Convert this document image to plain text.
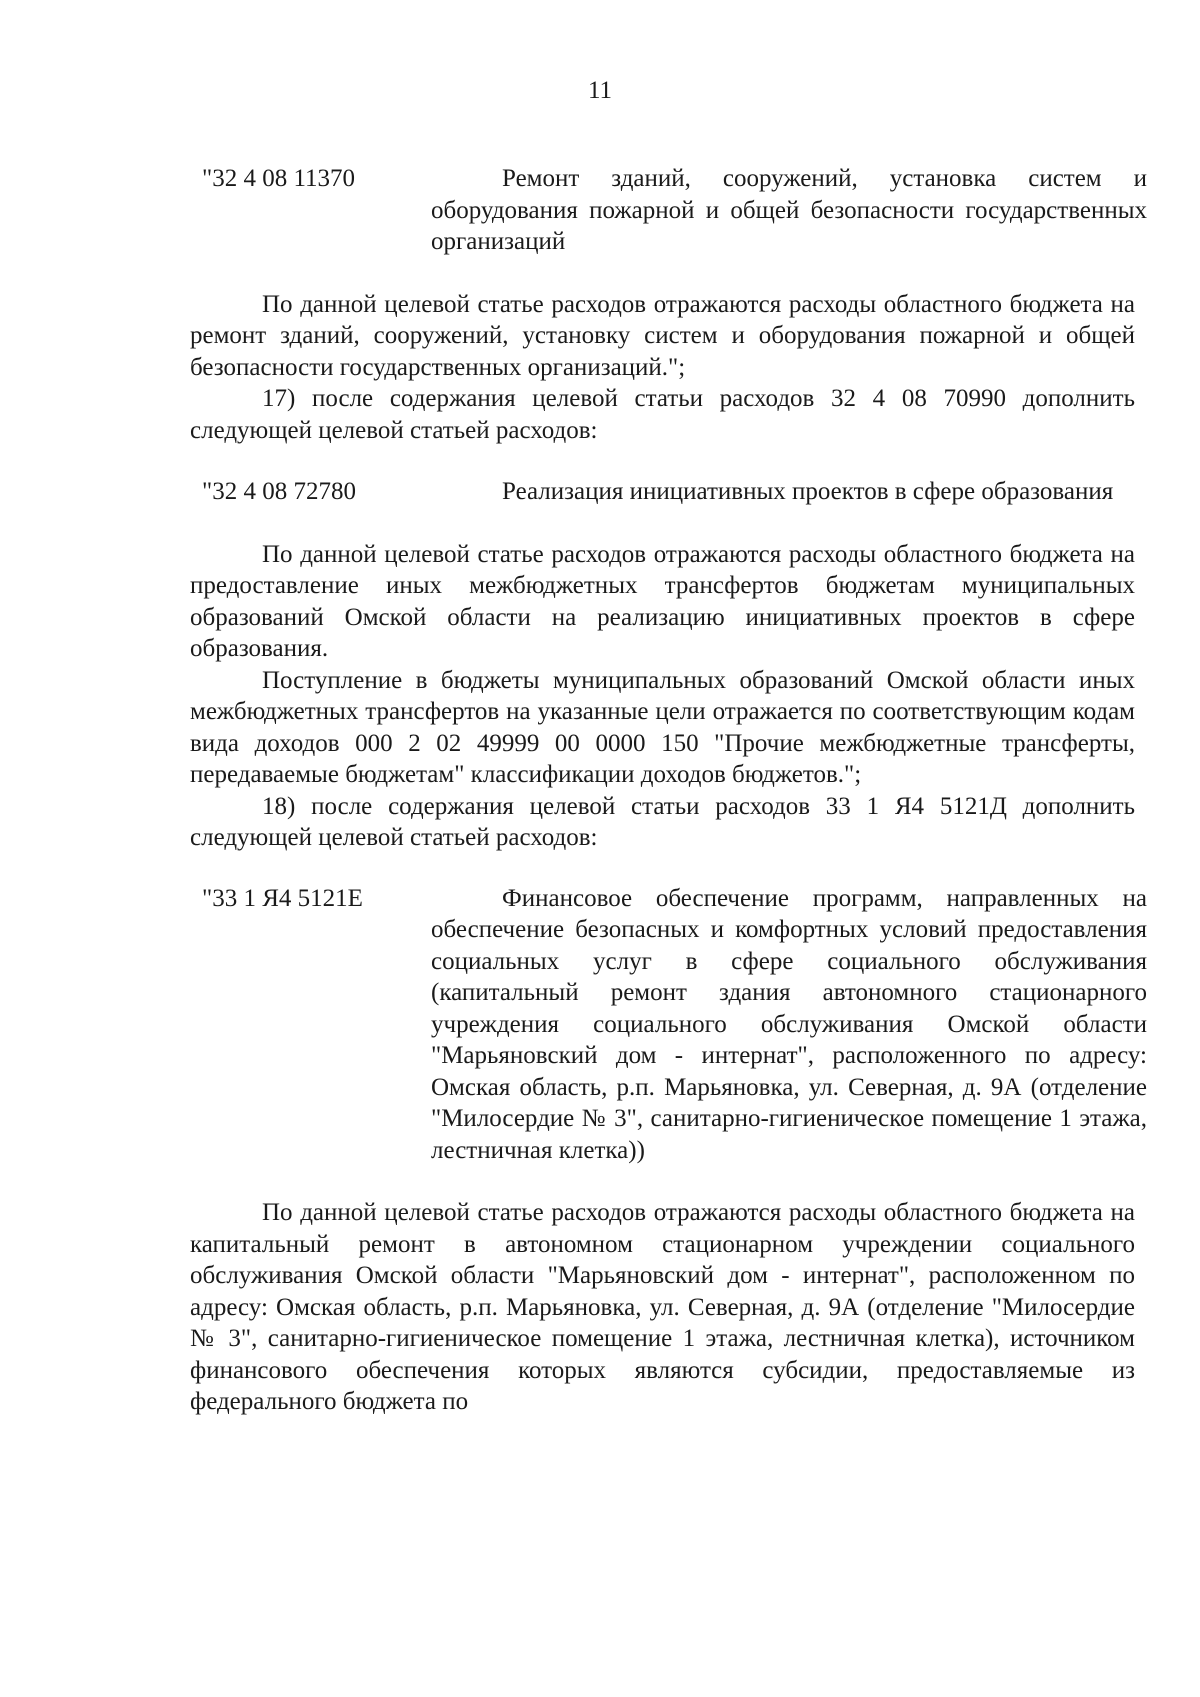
11
"32 4 08 11370	Ремонт зданий, сооружений, установка систем и оборудования пожарной и общей безопасности государственных организаций

По данной целевой статье расходов отражаются расходы областного бюджета на ремонт зданий, сооружений, установку систем и оборудования пожарной и общей безопасности государственных организаций.";

17) после содержания целевой статьи расходов 32 4 08 70990 дополнить следующей целевой статьей расходов:

"32 4 08 72780	Реализация инициативных проектов в сфере образования

По данной целевой статье расходов отражаются расходы областного бюджета на предоставление иных межбюджетных трансфертов бюджетам муниципальных образований Омской области на реализацию инициативных проектов в сфере образования.

Поступление в бюджеты муниципальных образований Омской области иных межбюджетных трансфертов на указанные цели отражается по соответствующим кодам вида доходов 000 2 02 49999 00 0000 150 "Прочие межбюджетные трансферты, передаваемые бюджетам" классификации доходов бюджетов.";

18) после содержания целевой статьи расходов 33 1 Я4 5121Д дополнить следующей целевой статьей расходов:

"33 1 Я4 5121Е	Финансовое обеспечение программ, направленных на обеспечение безопасных и комфортных условий предоставления социальных услуг в сфере социального обслуживания (капитальный ремонт здания автономного стационарного учреждения социального обслуживания Омской области "Марьяновский дом - интернат", расположенного по адресу: Омская область, р.п. Марьяновка, ул. Северная, д. 9А (отделение "Милосердие № 3", санитарно-гигиеническое помещение 1 этажа, лестничная клетка))

По данной целевой статье расходов отражаются расходы областного бюджета на капитальный ремонт в автономном стационарном учреждении социального обслуживания Омской области "Марьяновский дом - интернат", расположенном по адресу: Омская область, р.п. Марьяновка, ул. Северная, д. 9А (отделение "Милосердие № 3", санитарно-гигиеническое помещение 1 этажа, лестничная клетка), источником финансового обеспечения которых являются субсидии, предоставляемые из федерального бюджета по
